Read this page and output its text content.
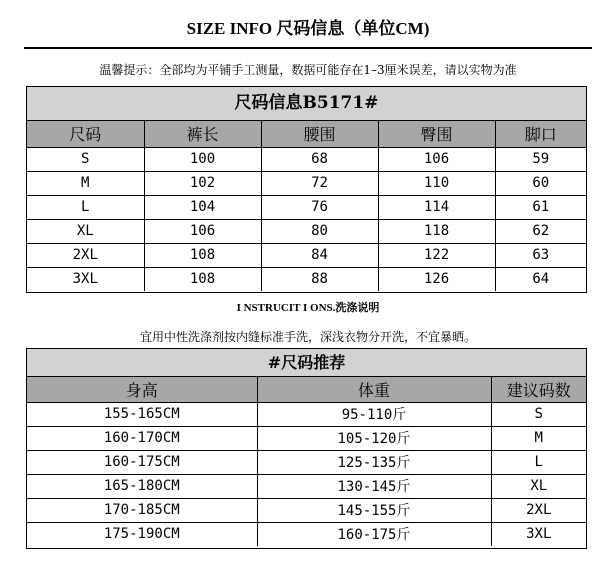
SIZE INFO 尺码信息（单位CM)
温馨提示：全部均为平铺手工测量，数据可能存在1–3厘米误差，请以实物为准
尺码信息B5171#
尺码	裤长	腰围	臀围	脚口
S	100	68	106	59
M	102	72	110	60
L	104	76	114	61
XL	106	80	118	62
2XL	108	84	122	63
3XL	108	88	126	64
I NSTRUCIT I ONS.洗涤说明
宜用中性洗涤剂按内缝标准手洗，深浅衣物分开洗，不宜暴晒。
#尺码推荐
身高	体重	建议码数
155-165CM	95-110斤	S
160-170CM	105-120斤	M
160-175CM	125-135斤	L
165-180CM	130-145斤	XL
170-185CM	145-155斤	2XL
175-190CM	160-175斤	3XL
